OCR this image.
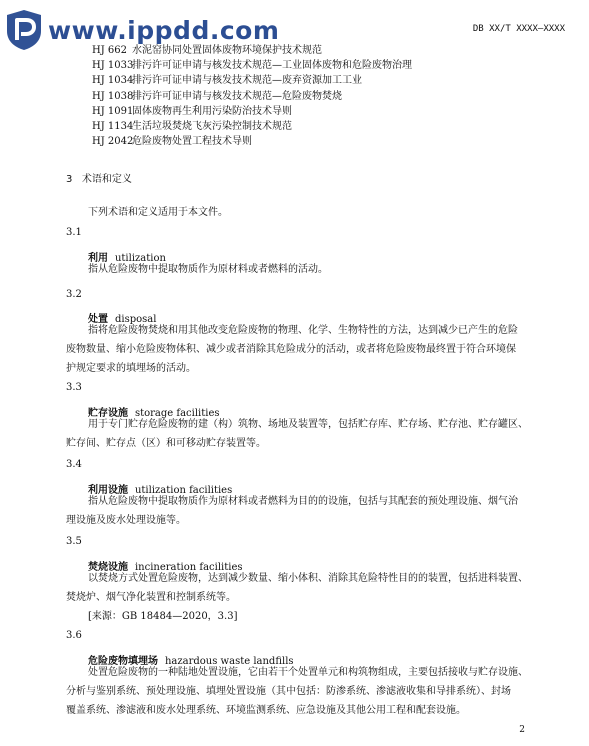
www.ippdd.com	DB XX/T XXXX—XXXX
HJ 662 水泥窑协同处置固体废物环境保护技术规范
HJ 1033
排污许可证申请与核发技术规范—工业固体废物和危险废物治理
HJ 1034
排污许可证申请与核发技术规范—废弃资源加工工业
HJ 1038
排污许可证申请与核发技术规范—危险废物焚烧
HJ 1091
固体废物再生利用污染防治技术导则
HJ 1134
生活垃圾焚烧飞灰污染控制技术规范
HJ 2042
危险废物处置工程技术导则
3 术语和定义
下列术语和定义适用于本文件。
3.1
利用 utilization
指从危险废物中提取物质作为原材料或者燃料的活动。
3.2
处置 disposal
指将危险废物焚烧和用其他改变危险废物的物理、化学、生物特性的方法，达到减少已产生的危险
废物数量、缩小危险废物体积、减少或者消除其危险成分的活动，或者将危险废物最终置于符合环境保
护规定要求的填埋场的活动。
3.3
贮存设施 storage facilities
用于专门贮存危险废物的建（构）筑物、场地及装置等，包括贮存库、贮存场、贮存池、贮存罐区、
贮存间、贮存点（区）和可移动贮存装置等。
3.4
利用设施 utilization facilities
指从危险废物中提取物质作为原材料或者燃料为目的的设施，包括与其配套的预处理设施、烟气治
理设施及废水处理设施等。
3.5
焚烧设施 incineration facilities
以焚烧方式处置危险废物，达到减少数量、缩小体积、消除其危险特性目的的装置，包括进料装置、
焚烧炉、烟气净化装置和控制系统等。
[来源：GB 18484—2020，3.3]
3.6
危险废物填埋场 hazardous waste landfills
处置危险废物的一种陆地处置设施，它由若干个处置单元和构筑物组成，主要包括接收与贮存设施、
分析与鉴别系统、预处理设施、填埋处置设施（其中包括：防渗系统、渗滤液收集和导排系统）、封场
覆盖系统、渗滤液和废水处理系统、环境监测系统、应急设施及其他公用工程和配套设施。
2
